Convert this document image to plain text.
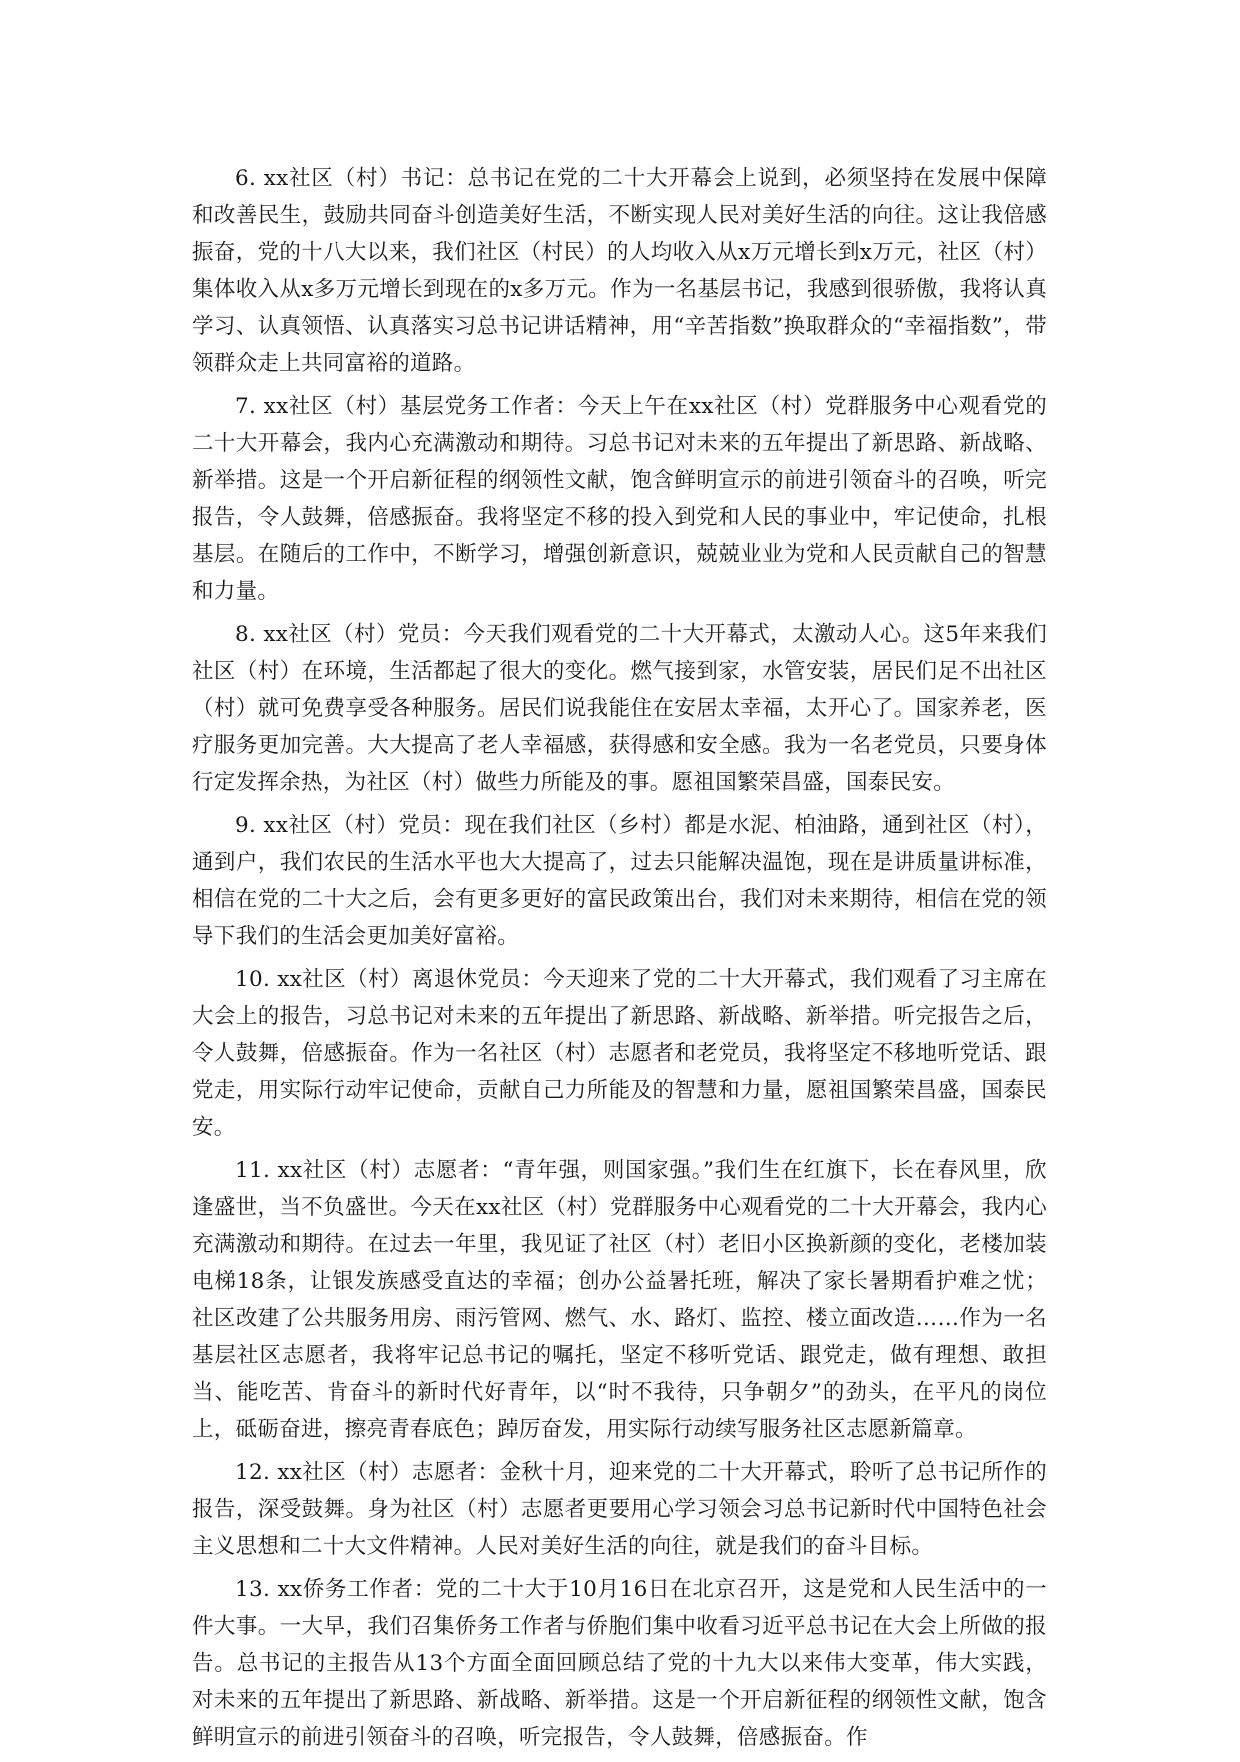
6. xx社区（村）书记：总书记在党的二十大开幕会上说到，必须坚持在发展中保障和改善民生，鼓励共同奋斗创造美好生活，不断实现人民对美好生活的向往。这让我倍感振奋，党的十八大以来，我们社区（村民）的人均收入从x万元增长到x万元，社区（村）集体收入从x多万元增长到现在的x多万元。作为一名基层书记，我感到很骄傲，我将认真学习、认真领悟、认真落实习总书记讲话精神，用“辛苦指数”换取群众的“幸福指数”，带领群众走上共同富裕的道路。

7. xx社区（村）基层党务工作者：今天上午在xx社区（村）党群服务中心观看党的二十大开幕会，我内心充满激动和期待。习总书记对未来的五年提出了新思路、新战略、新举措。这是一个开启新征程的纲领性文献，饱含鲜明宣示的前进引领奋斗的召唤，听完报告，令人鼓舞，倍感振奋。我将坚定不移的投入到党和人民的事业中，牢记使命，扎根基层。在随后的工作中，不断学习，增强创新意识，兢兢业业为党和人民贡献自己的智慧和力量。

8. xx社区（村）党员：今天我们观看党的二十大开幕式，太激动人心。这5年来我们社区（村）在环境，生活都起了很大的变化。燃气接到家，水管安装，居民们足不出社区（村）就可免费享受各种服务。居民们说我能住在安居太幸福，太开心了。国家养老，医疗服务更加完善。大大提高了老人幸福感，获得感和安全感。我为一名老党员，只要身体行定发挥余热，为社区（村）做些力所能及的事。愿祖国繁荣昌盛，国泰民安。

9. xx社区（村）党员：现在我们社区（乡村）都是水泥、柏油路，通到社区（村），通到户，我们农民的生活水平也大大提高了，过去只能解决温饱，现在是讲质量讲标准，相信在党的二十大之后，会有更多更好的富民政策出台，我们对未来期待，相信在党的领导下我们的生活会更加美好富裕。

10. xx社区（村）离退休党员：今天迎来了党的二十大开幕式，我们观看了习主席在大会上的报告，习总书记对未来的五年提出了新思路、新战略、新举措。听完报告之后，令人鼓舞，倍感振奋。作为一名社区（村）志愿者和老党员，我将坚定不移地听党话、跟党走，用实际行动牢记使命，贡献自己力所能及的智慧和力量，愿祖国繁荣昌盛，国泰民安。

11. xx社区（村）志愿者：“青年强，则国家强。”我们生在红旗下，长在春风里，欣逢盛世，当不负盛世。今天在xx社区（村）党群服务中心观看党的二十大开幕会，我内心充满激动和期待。在过去一年里，我见证了社区（村）老旧小区换新颜的变化，老楼加装电梯18条，让银发族感受直达的幸福；创办公益暑托班，解决了家长暑期看护难之忧；社区改建了公共服务用房、雨污管网、燃气、水、路灯、监控、楼立面改造……作为一名基层社区志愿者，我将牢记总书记的嘱托，坚定不移听党话、跟党走，做有理想、敢担当、能吃苦、肯奋斗的新时代好青年，以“时不我待，只争朝夕”的劲头，在平凡的岗位上，砥砺奋进，擦亮青春底色；踔厉奋发，用实际行动续写服务社区志愿新篇章。

12. xx社区（村）志愿者：金秋十月，迎来党的二十大开幕式，聆听了总书记所作的报告，深受鼓舞。身为社区（村）志愿者更要用心学习领会习总书记新时代中国特色社会主义思想和二十大文件精神。人民对美好生活的向往，就是我们的奋斗目标。

13. xx侨务工作者：党的二十大于10月16日在北京召开，这是党和人民生活中的一件大事。一大早，我们召集侨务工作者与侨胞们集中收看习近平总书记在大会上所做的报告。总书记的主报告从13个方面全面回顾总结了党的十九大以来伟大变革，伟大实践，对未来的五年提出了新思路、新战略、新举措。这是一个开启新征程的纲领性文献，饱含鲜明宣示的前进引领奋斗的召唤，听完报告，令人鼓舞，倍感振奋。作
